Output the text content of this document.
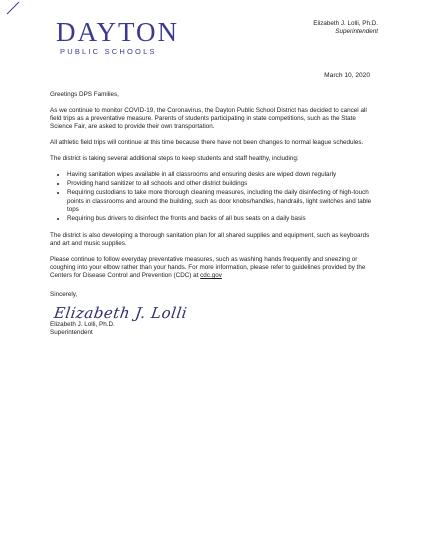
DAYTON
PUBLIC SCHOOLS
Elizabeth J. Lolli, Ph.D.
Superintendent
March 10, 2020

Greetings DPS Families,

As we continue to monitor COVID-19, the Coronavirus, the Dayton Public School District has decided to cancel all field trips as a preventative measure. Parents of students participating in state competitions, such as the State Science Fair, are asked to provide their own transportation.

All athletic field trips will continue at this time because there have not been changes to normal league schedules.

The district is taking several additional steps to keep students and staff healthy, including:

• Having sanitation wipes available in all classrooms and ensuring desks are wiped down regularly
• Providing hand sanitizer to all schools and other district buildings
• Requiring custodians to take more thorough cleaning measures, including the daily disinfecting of high-touch points in classrooms and around the building, such as door knobs/handles, handrails, light switches and table tops
• Requiring bus drivers to disinfect the fronts and backs of all bus seats on a daily basis

The district is also developing a thorough sanitation plan for all shared supplies and equipment, such as keyboards and art and music supplies.

Please continue to follow everyday preventative measures, such as washing hands frequently and sneezing or coughing into your elbow rather than your hands. For more information, please refer to guidelines provided by the Centers for Disease Control and Prevention (CDC) at cdc.gov

Sincerely,
Elizabeth J. Lolli
Elizabeth J. Lolli, Ph.D.
Superintendent
